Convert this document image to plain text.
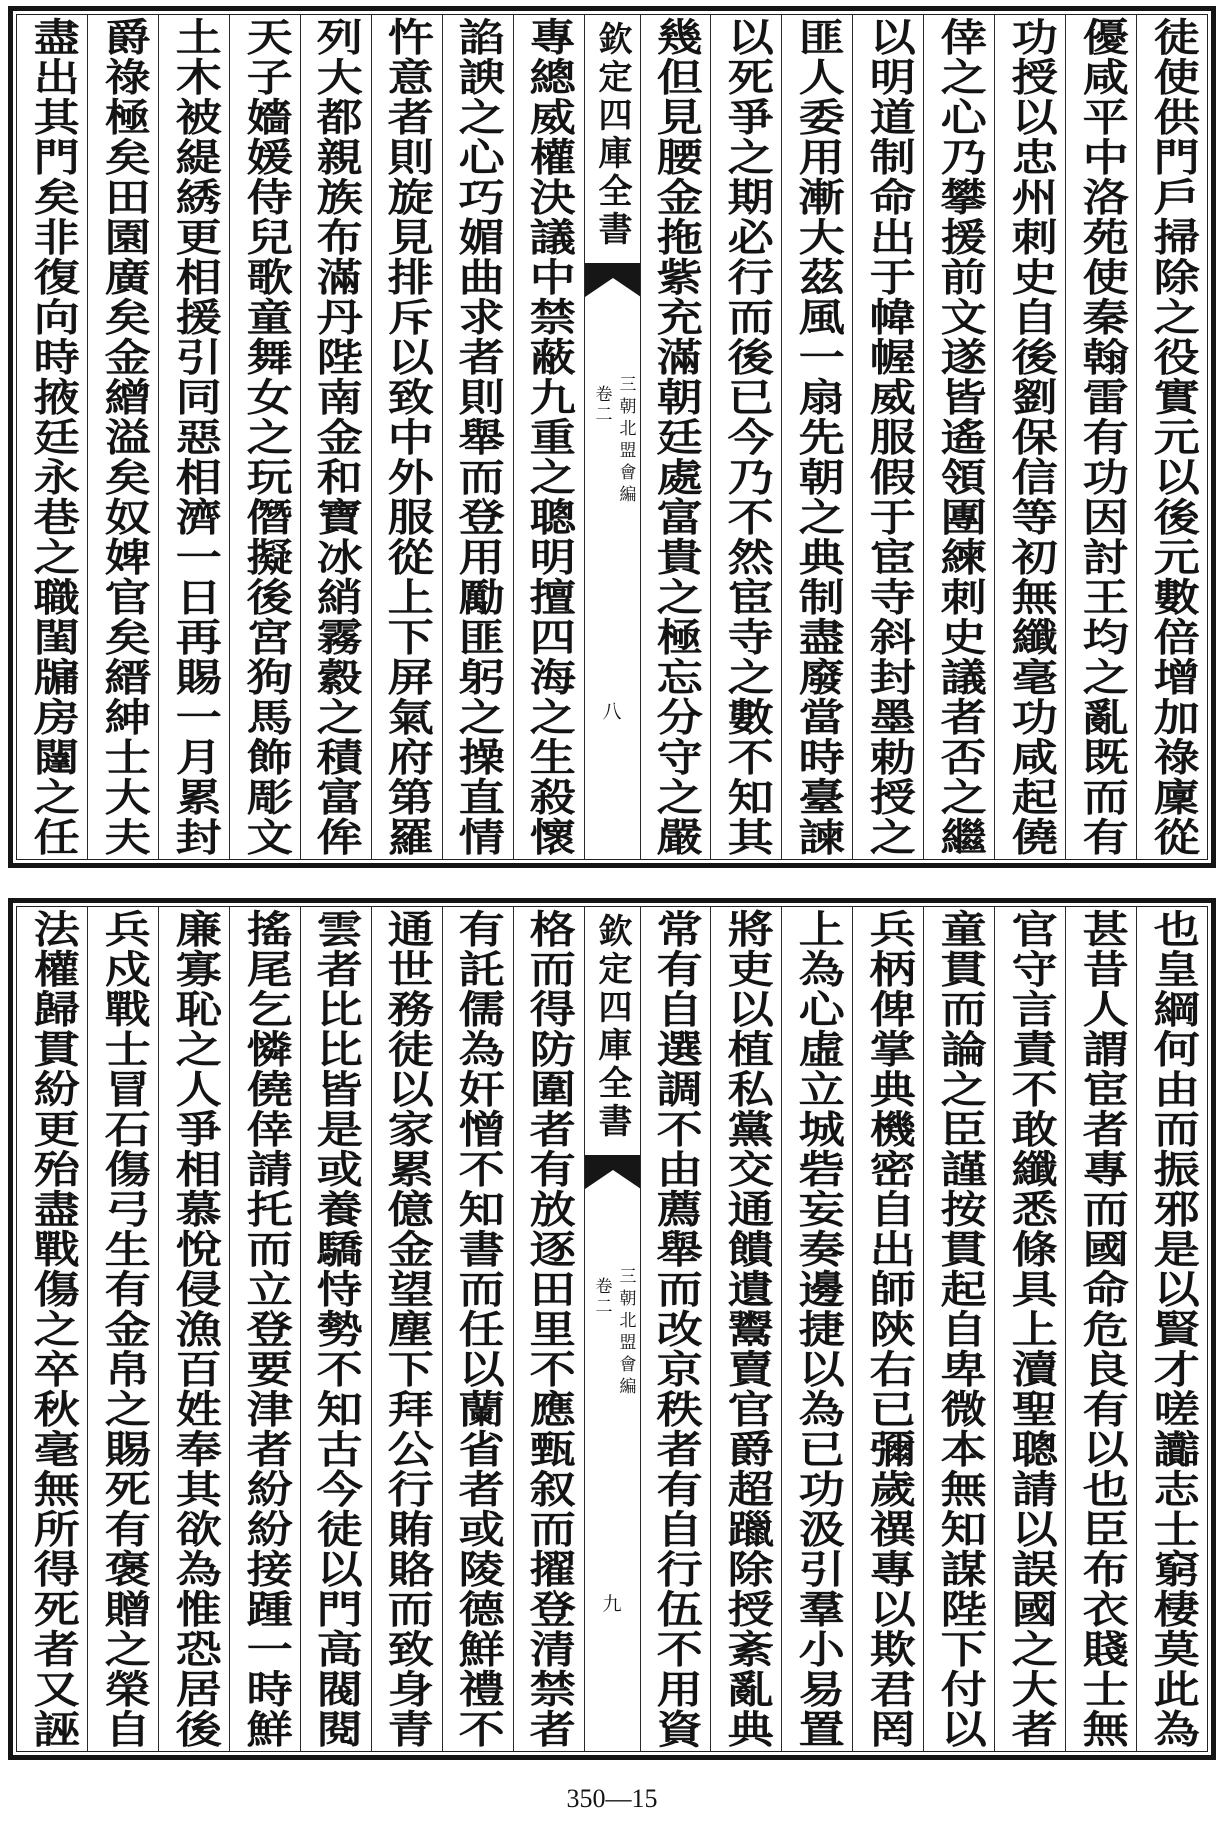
徒使供門戶掃除之役實元以後元數倍增加祿廩從
優咸平中洛苑使秦翰雷有功因討王均之亂既而有
功授以忠州刺史自後劉保信等初無纖毫功咸起僥
倖之心乃攀援前文遂皆遙領團練刺史議者否之繼
以明道制命出于幃幄威服假于宦寺斜封墨勅授之
匪人委用漸大茲風一扇先朝之典制盡廢當時臺諫
以死爭之期必行而後已今乃不然宦寺之數不知其
幾但見腰金拖紫充滿朝廷處富貴之極忘分守之嚴
欽定四庫全書
三朝北盟會編
卷二
八
專總威權決議中禁蔽九重之聰明擅四海之生殺懷
諂諛之心巧媚曲求者則舉而登用勵匪躬之操直情
忤意者則旋見排斥以致中外服從上下屏氣府第羅
列大都親族布滿丹陛南金和寶冰綃霧縠之積富侔
天子嬙媛侍兒歌童舞女之玩僭擬後宮狗馬飾彫文
土木被緹綉更相援引同惡相濟一日再賜一月累封
爵祿極矣田園廣矣金繒溢矣奴婢官矣縉紳士大夫
盡出其門矣非復向時掖廷永巷之職閨牖房闥之任
也皇綱何由而振邪是以賢才嗟讟志士窮棲莫此為
甚昔人謂宦者專而國命危良有以也臣布衣賤士無
官守言責不敢纖悉條具上瀆聖聰請以誤國之大者
童貫而論之臣謹按貫起自卑微本無知謀陛下付以
兵柄俾掌典機密自出師陝右已彌歲禩專以欺君罔
上為心虛立城砦妄奏邊捷以為已功汲引羣小易置
將吏以植私黨交通饋遺鬻賣官爵超躐除授紊亂典
常有自選調不由薦舉而改京秩者有自行伍不用資
欽定四庫全書
三朝北盟會編
卷二
九
格而得防圍者有放逐田里不應甄叙而擢登清禁者
有託儒為奸憎不知書而任以蘭省者或陵德鮮禮不
通世務徒以家累億金望塵下拜公行賄賂而致身青
雲者比比皆是或養驕恃勢不知古今徒以門高閥閱
搖尾乞憐僥倖請托而立登要津者紛紛接踵一時鮮
廉寡恥之人爭相慕悅侵漁百姓奉其欲為惟恐居後
兵戍戰士冒石傷弓生有金帛之賜死有褒贈之榮自
法權歸貫紛更殆盡戰傷之卒秋毫無所得死者又誣
350—15
